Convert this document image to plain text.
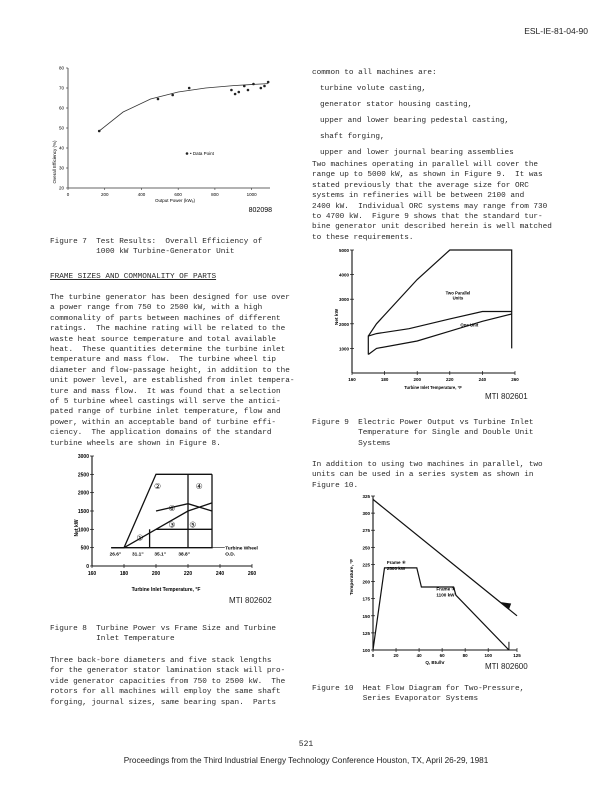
ESL-IE-81-04-90
20
30
40
50
60
70
80
0	200	400	600	800	1000
Overall Efficiency (%)
Output Power (kWₑ)
• Data Point
802098
Figure 7  Test Results:  Overall Efficiency of
1000 kW Turbine-Generator Unit
FRAME SIZES AND COMMONALITY OF PARTS
The turbine generator has been designed for use over
a power range from 750 to 2500 kW, with a high
commonality of parts between machines of different
ratings.  The machine rating will be related to the
waste heat source temperature and total available
heat.  These quantities determine the turbine inlet
temperature and mass flow.  The turbine wheel tip
diameter and flow-passage height, in addition to the
unit power level, are established from inlet tempera-
ture and mass flow.  It was found that a selection
of 5 turbine wheel castings will serve the antici-
pated range of turbine inlet temperature, flow and
power, within an acceptable band of turbine effi-
ciency.  The application domains of the standard
turbine wheels are shown in Figure 8.
0
500
1000
1500
2000
2500
3000
160	180	200	220	240	260
26.6" 31.1" 35.1"	38.8"
Turbine Wheel O.D.
①
②
③
④
⑤
⑥
Net kW
Turbine Inlet Temperature, °F
MTI 802602
Figure 8  Turbine Power vs Frame Size and Turbine
Inlet Temperature
Three back-bore diameters and five stack lengths
for the generator stator lamination stack will pro-
vide generator capacities from 750 to 2500 kW.  The
rotors for all machines will employ the same shaft
forging, journal sizes, same bearing span.  Parts
common to all machines are:
turbine volute casting,
generator stator housing casting,
upper and lower bearing pedestal casting,
shaft forging,
upper and lower journal bearing assemblies
Two machines operating in parallel will cover the
range up to 5000 kW, as shown in Figure 9.  It was
stated previously that the average size for ORC
systems in refineries will be between 2100 and
2400 kW.  Individual ORC systems may range from 730
to 4700 kW.  Figure 9 shows that the standard tur-
bine generator unit described herein is well matched
to these requirements.
1000
2000
3000
4000
5000
160	180	200	220	240	260
Two Parallel Units
One Unit
Net kW
Turbine Inlet Temperature, °F
MTI 802601
Figure 9  Electric Power Output vs Turbine Inlet
Temperature for Single and Double Unit
Systems
In addition to using two machines in parallel, two
units can be used in a series system as shown in
Figure 10.
100
125
150
175
200
225
250
275
300
325
0	20	40	60	80	100	125
Frame ⑥ 2500 kW
Frame ① 1100 kW
Temperature, °F
Q, Btu/hr	MTI 802600
Figure 10  Heat Flow Diagram for Two-Pressure,
Series Evaporator Systems
521
Proceedings from the Third Industrial Energy Technology Conference Houston, TX, April 26-29, 1981
